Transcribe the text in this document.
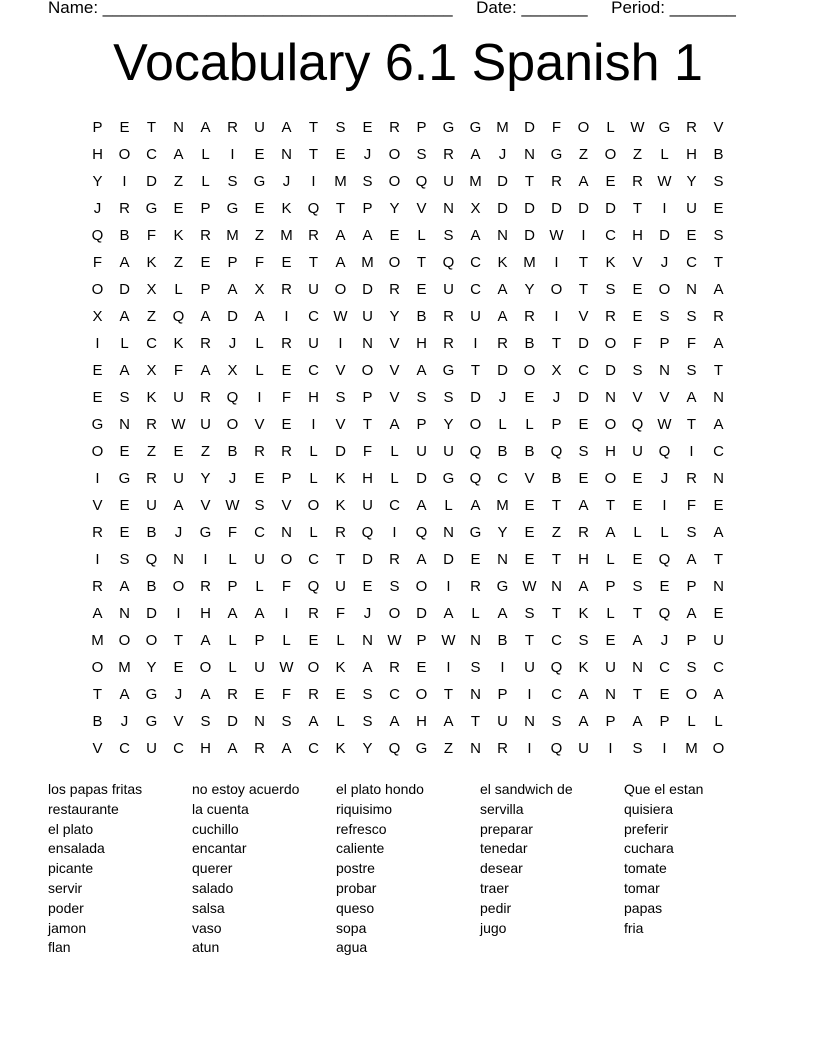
Name: _____________________________________ Date: _______ Period: _______
Vocabulary 6.1 Spanish 1
P	E	T	N	A	R	U	A	T	S	E	R	P	G	G M	D	F	O	L	W G	R	V
H	O	C	A	L	I	E	N	T	E	J	O	S	R	A	J	N	G	Z	O	Z	L	H	B
Y	I	D	Z	L	S	G	J	I	M	S	O	Q	U	M	D	T	R	A	E	R W Y	S
J	R	G	E	P	G	E	K	Q	T	P	Y	V	N	X	D	D	D	D	D	T	I	U	E
Q	B	F	K	R	M	Z	M	R	A	A	E	L	S	A	N	D W	I	C	H	D	E	S
F	A	K	Z	E	P	F	E	T	A	M O	T	Q	C	K	M	I	T	K	V	J	C	T
O	D	X	L	P	A	X	R	U	O	D	R	E	U	C	A	Y	O	T	S	E	O	N	A
X	A	Z	Q	A	D	A	I	C W U	Y	B	R	U	A	R	I	V	R	E	S	S	R
I	L	C	K	R	J	L	R	U	I	N	V	H	R	I	R	B	T	D	O	F	P	F	A
E	A	X	F	A	X	L	E	C	V	O	V	A	G	T	D	O	X	C	D	S	N	S	T
E	S	K	U	R	Q	I	F	H	S	P	V	S	S	D	J	E	J	D	N	V	V	A	N
G	N	R W U	O	V	E	I	V	T	A	P	Y	O	L	L	P	E	O	Q W	T	A
O	E	Z	E	Z	B	R	R	L	D	F	L	U	U	Q	B	B	Q	S	H	U	Q	I	C
I	G	R	U	Y	J	E	P	L	K	H	L	D	G	Q	C	V	B	E	O	E	J	R	N
V	E	U	A	V W S	V	O	K	U	C	A	L	A	M	E	T	A	T	E	I	F	E
R	E	B	J	G	F	C	N	L	R	Q	I	Q	N	G	Y	E	Z	R	A	L	L	S	A
I	S	Q	N	I	L	U	O	C	T	D	R	A	D	E	N	E	T	H	L	E	Q	A	T
R	A	B	O	R	P	L	F	Q	U	E	S	O	I	R	G W N	A	P	S	E	P	N
A	N	D	I	H	A	A	I	R	F	J	O	D	A	L	A	S	T	K	L	T	Q	A	E
M O	O	T	A	L	P	L	E	L	N W P W N	B	T	C	S	E	A	J	P	U
O M	Y	E	O	L	U W O	K	A	R	E	I	S	I	U	Q	K	U	N	C	S	C
T	A	G	J	A	R	E	F	R	E	S	C	O	T	N	P	I	C	A	N	T	E	O	A
B	J	G	V	S	D	N	S	A	L	S	A	H	A	T	U	N	S	A	P	A	P	L	L
V	C	U	C	H	A	R	A	C	K	Y	Q	G	Z	N	R	I	Q	U	I	S	I	M O
los papas fritas
restaurante
el plato
ensalada
picante
servir
poder
jamon
flan
no estoy acuerdo
la cuenta
cuchillo
encantar
querer
salado
salsa
vaso
atun
el plato hondo
riquisimo
refresco
caliente
postre
probar
queso
sopa
agua
el sandwich de
servilla
preparar
tenedar
desear
traer
pedir
jugo
Que el estan
quisiera
preferir
cuchara
tomate
tomar
papas
fria
